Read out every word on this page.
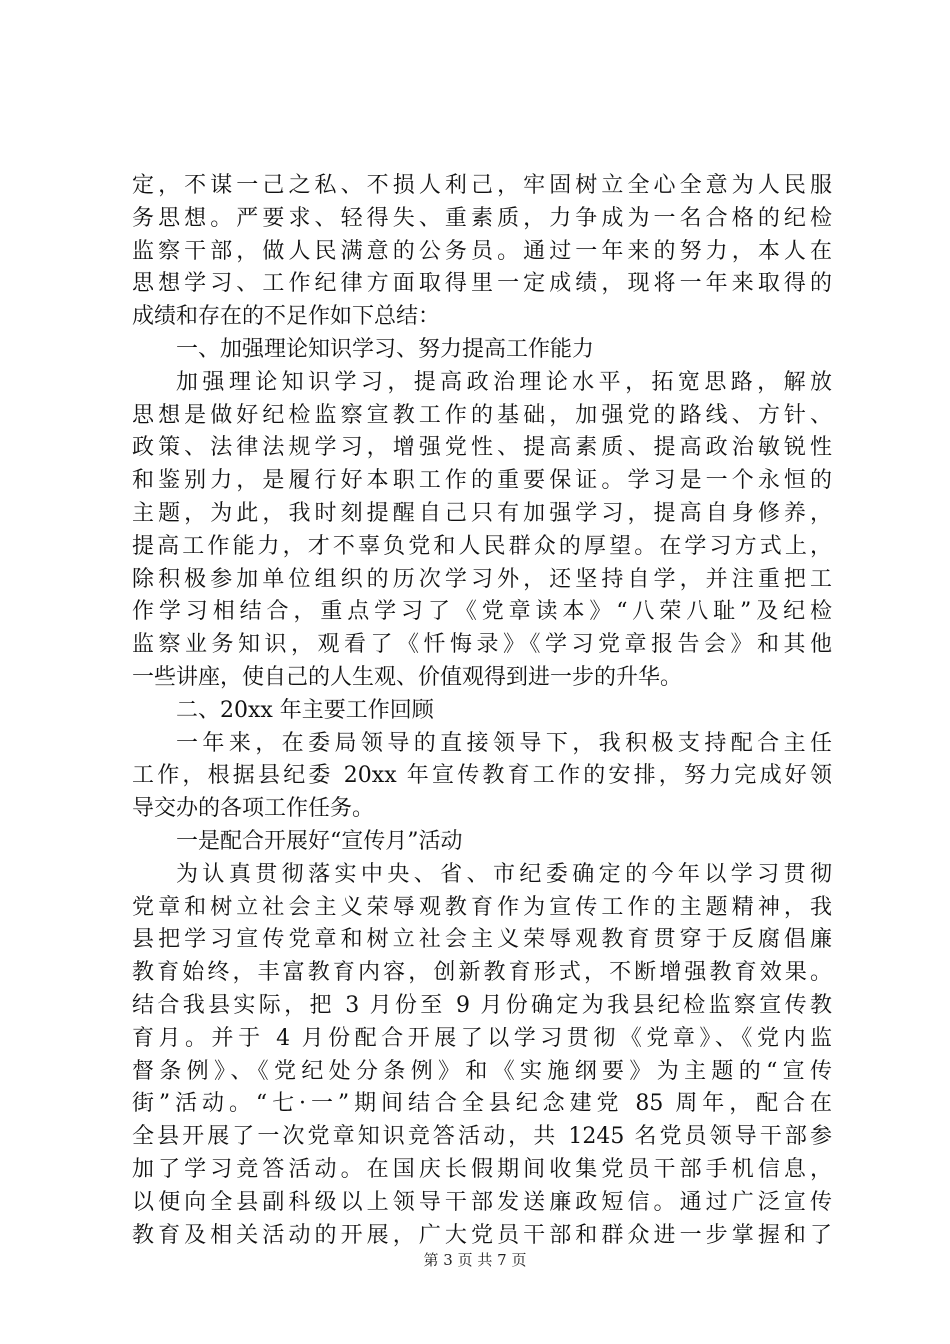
定，不谋一己之私、不损人利己，牢固树立全心全意为人民服
务思想。严要求、轻得失、重素质，力争成为一名合格的纪检
监察干部，做人民满意的公务员。通过一年来的努力，本人在
思想学习、工作纪律方面取得里一定成绩，现将一年来取得的
成绩和存在的不足作如下总结：
一、加强理论知识学习、努力提高工作能力
加强理论知识学习，提高政治理论水平，拓宽思路，解放
思想是做好纪检监察宣教工作的基础，加强党的路线、方针、
政策、法律法规学习，增强党性、提高素质、提高政治敏锐性
和鉴别力，是履行好本职工作的重要保证。学习是一个永恒的
主题，为此，我时刻提醒自己只有加强学习，提高自身修养，
提高工作能力，才不辜负党和人民群众的厚望。在学习方式上，
除积极参加单位组织的历次学习外，还坚持自学，并注重把工
作学习相结合，重点学习了《党章读本》“八荣八耻”及纪检
监察业务知识，观看了《忏悔录》《学习党章报告会》和其他
一些讲座，使自己的人生观、价值观得到进一步的升华。
二、20xx 年主要工作回顾
一年来，在委局领导的直接领导下，我积极支持配合主任
工作，根据县纪委 20xx 年宣传教育工作的安排，努力完成好领
导交办的各项工作任务。
一是配合开展好“宣传月”活动
为认真贯彻落实中央、省、市纪委确定的今年以学习贯彻
党章和树立社会主义荣辱观教育作为宣传工作的主题精神，我
县把学习宣传党章和树立社会主义荣辱观教育贯穿于反腐倡廉
教育始终，丰富教育内容，创新教育形式，不断增强教育效果。
结合我县实际，把 3 月份至 9 月份确定为我县纪检监察宣传教
育月。并于 4 月份配合开展了以学习贯彻《党章》、《党内监
督条例》、《党纪处分条例》和《实施纲要》为主题的“宣传
街”活动。“七·一”期间结合全县纪念建党 85 周年，配合在
全县开展了一次党章知识竞答活动，共 1245 名党员领导干部参
加了学习竞答活动。在国庆长假期间收集党员干部手机信息，
以便向全县副科级以上领导干部发送廉政短信。通过广泛宣传
教育及相关活动的开展，广大党员干部和群众进一步掌握和了
第 3 页 共 7 页
